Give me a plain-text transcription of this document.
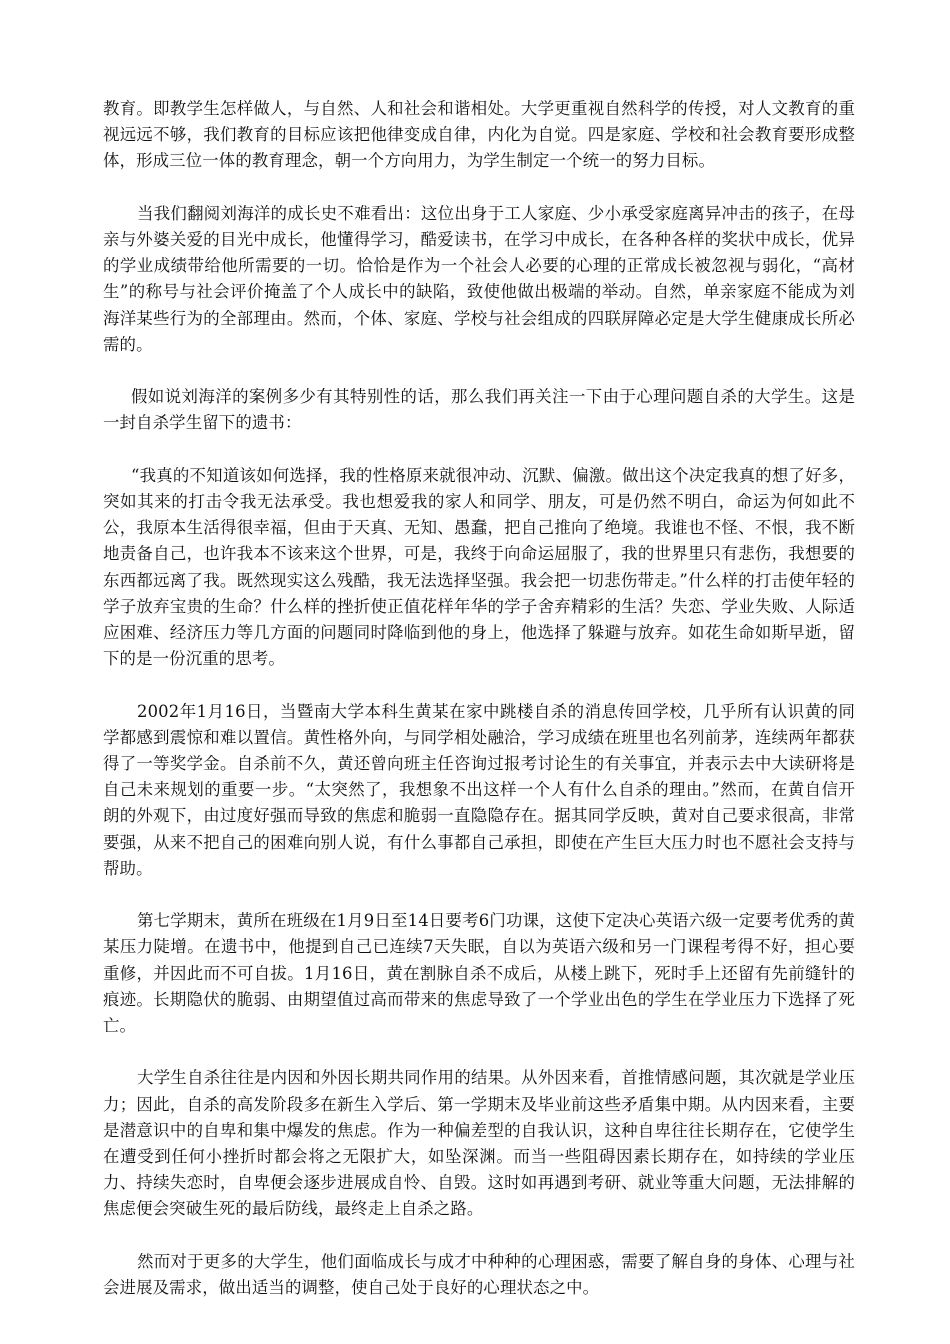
教育。即教学生怎样做人，与自然、人和社会和谐相处。大学更重视自然科学的传授，对人文教育的重视远远不够，我们教育的目标应该把他律变成自律，内化为自觉。四是家庭、学校和社会教育要形成整体，形成三位一体的教育理念，朝一个方向用力，为学生制定一个统一的努力目标。

当我们翻阅刘海洋的成长史不难看出：这位出身于工人家庭、少小承受家庭离异冲击的孩子，在母亲与外婆关爱的目光中成长，他懂得学习，酷爱读书，在学习中成长，在各种各样的奖状中成长，优异的学业成绩带给他所需要的一切。恰恰是作为一个社会人必要的心理的正常成长被忽视与弱化，“高材生”的称号与社会评价掩盖了个人成长中的缺陷，致使他做出极端的举动。自然，单亲家庭不能成为刘海洋某些行为的全部理由。然而，个体、家庭、学校与社会组成的四联屏障必定是大学生健康成长所必需的。

假如说刘海洋的案例多少有其特别性的话，那么我们再关注一下由于心理问题自杀的大学生。这是一封自杀学生留下的遗书：

“我真的不知道该如何选择，我的性格原来就很冲动、沉默、偏激。做出这个决定我真的想了好多，突如其来的打击令我无法承受。我也想爱我的家人和同学、朋友，可是仍然不明白，命运为何如此不公，我原本生活得很幸福，但由于天真、无知、愚蠢，把自己推向了绝境。我谁也不怪、不恨，我不断地责备自己，也许我本不该来这个世界，可是，我终于向命运屈服了，我的世界里只有悲伤，我想要的东西都远离了我。既然现实这么残酷，我无法选择坚强。我会把一切悲伤带走。”什么样的打击使年轻的学子放弃宝贵的生命？什么样的挫折使正值花样年华的学子舍弃精彩的生活？失恋、学业失败、人际适应困难、经济压力等几方面的问题同时降临到他的身上，他选择了躲避与放弃。如花生命如斯早逝，留下的是一份沉重的思考。

2002年1月16日，当暨南大学本科生黄某在家中跳楼自杀的消息传回学校，几乎所有认识黄的同学都感到震惊和难以置信。黄性格外向，与同学相处融洽，学习成绩在班里也名列前茅，连续两年都获得了一等奖学金。自杀前不久，黄还曾向班主任咨询过报考讨论生的有关事宜，并表示去中大读研将是自己未来规划的重要一步。“太突然了，我想象不出这样一个人有什么自杀的理由。”然而，在黄自信开朗的外观下，由过度好强而导致的焦虑和脆弱一直隐隐存在。据其同学反映，黄对自己要求很高，非常要强，从来不把自己的困难向别人说，有什么事都自己承担，即使在产生巨大压力时也不愿社会支持与帮助。

第七学期末，黄所在班级在1月9日至14日要考6门功课，这使下定决心英语六级一定要考优秀的黄某压力陡增。在遗书中，他提到自己已连续7天失眠，自以为英语六级和另一门课程考得不好，担心要重修，并因此而不可自拔。1月16日，黄在割脉自杀不成后，从楼上跳下，死时手上还留有先前缝针的痕迹。长期隐伏的脆弱、由期望值过高而带来的焦虑导致了一个学业出色的学生在学业压力下选择了死亡。

大学生自杀往往是内因和外因长期共同作用的结果。从外因来看，首推情感问题，其次就是学业压力；因此，自杀的高发阶段多在新生入学后、第一学期末及毕业前这些矛盾集中期。从内因来看，主要是潜意识中的自卑和集中爆发的焦虑。作为一种偏差型的自我认识，这种自卑往往长期存在，它使学生在遭受到任何小挫折时都会将之无限扩大，如坠深渊。而当一些阻碍因素长期存在，如持续的学业压力、持续失恋时，自卑便会逐步进展成自怜、自毁。这时如再遇到考研、就业等重大问题，无法排解的焦虑便会突破生死的最后防线，最终走上自杀之路。

然而对于更多的大学生，他们面临成长与成才中种种的心理困惑，需要了解自身的身体、心理与社会进展及需求，做出适当的调整，使自己处于良好的心理状态之中。
